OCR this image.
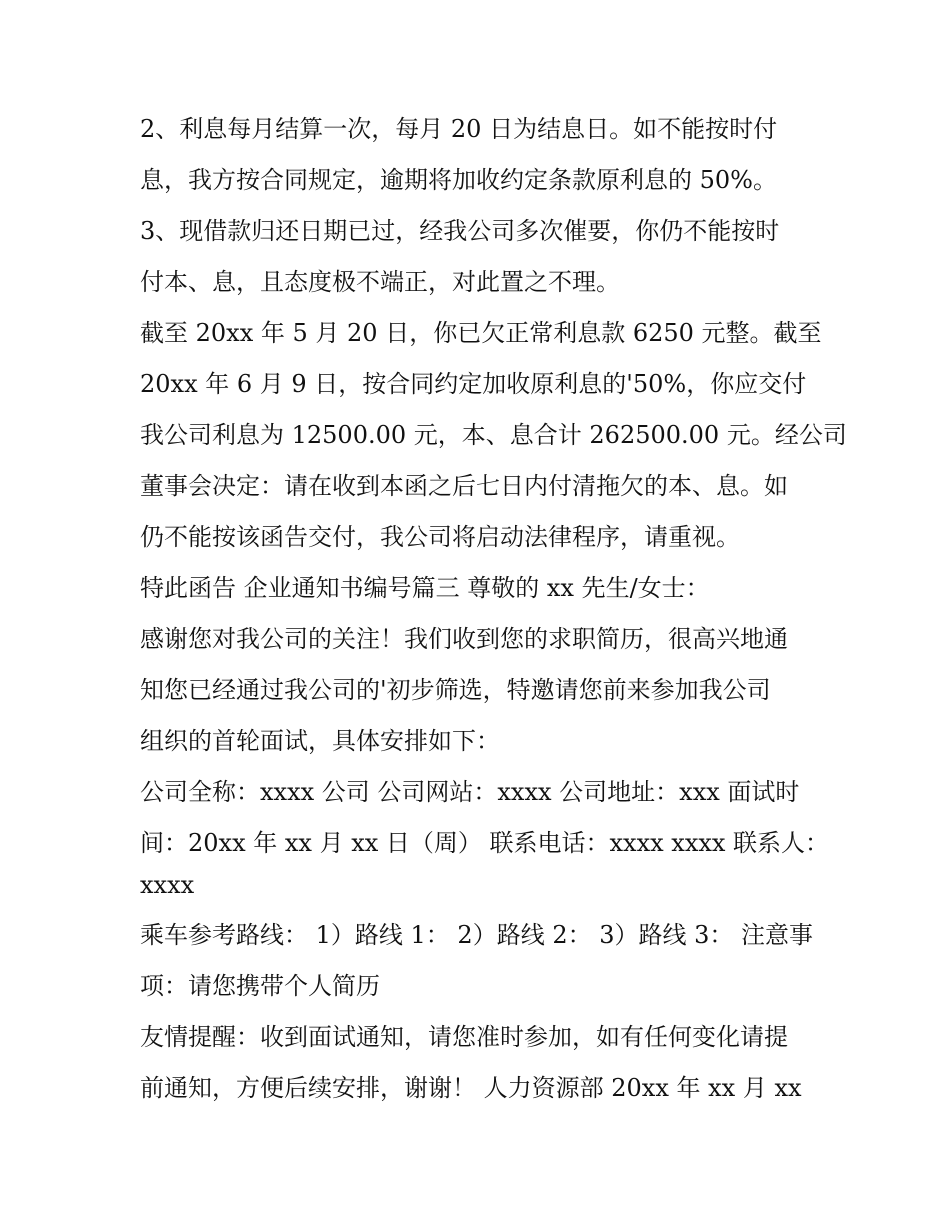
2、利息每月结算一次，每月 20 日为结息日。如不能按时付
息，我方按合同规定，逾期将加收约定条款原利息的 50%。
3、现借款归还日期已过，经我公司多次催要，你仍不能按时
付本、息，且态度极不端正，对此置之不理。
截至 20xx 年 5 月 20 日，你已欠正常利息款 6250 元整。截至
20xx 年 6 月 9 日，按合同约定加收原利息的'50%，你应交付
我公司利息为 12500.00 元，本、息合计 262500.00 元。经公司
董事会决定：请在收到本函之后七日内付清拖欠的本、息。如
仍不能按该函告交付，我公司将启动法律程序，请重视。
特此函告 企业通知书编号篇三 尊敬的 xx 先生/女士：
感谢您对我公司的关注！我们收到您的求职简历，很高兴地通
知您已经通过我公司的'初步筛选，特邀请您前来参加我公司
组织的首轮面试，具体安排如下：
公司全称：xxxx 公司 公司网站：xxxx 公司地址：xxx 面试时
间：20xx 年 xx 月 xx 日（周） 联系电话：xxxx xxxx 联系人：
xxxx
乘车参考路线： 1）路线 1： 2）路线 2： 3）路线 3： 注意事
项：请您携带个人简历
友情提醒：收到面试通知，请您准时参加，如有任何变化请提
前通知，方便后续安排，谢谢！ 人力资源部 20xx 年 xx 月 xx
